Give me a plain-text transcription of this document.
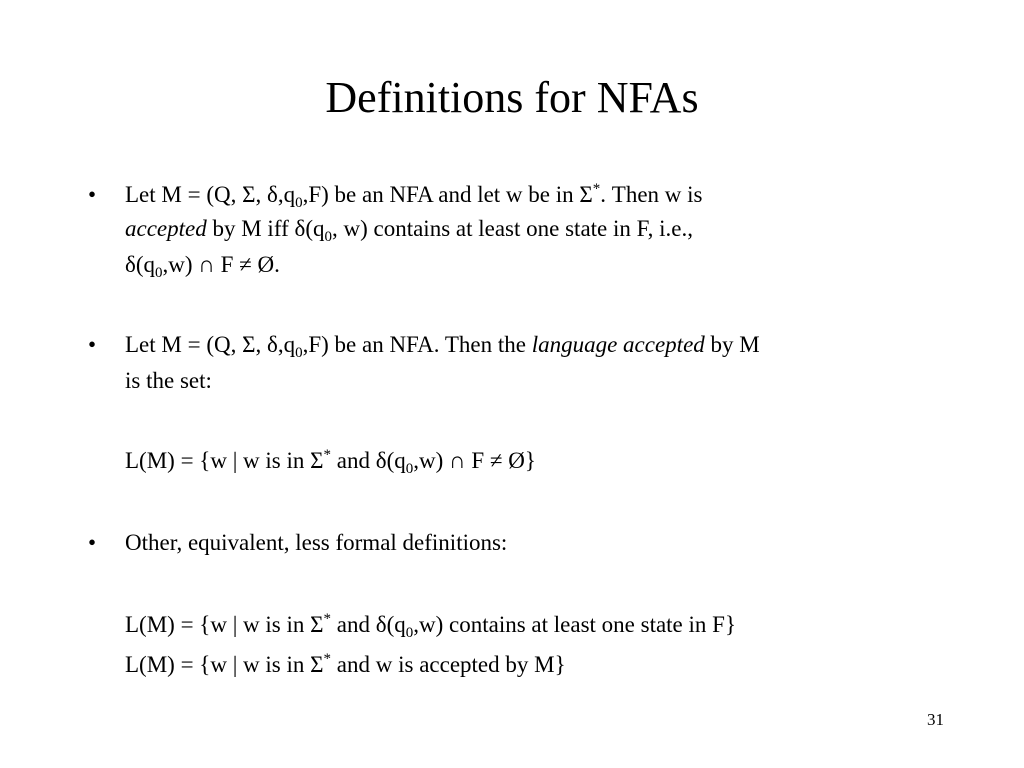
Definitions for NFAs
• Let M = (Q, Σ, $\delta,q_0,F$) be an NFA and let w be in Σ*. Then w is
accepted by M iff $\delta(q_0$, w) contains at least one state in F, i.e.,
$\delta(q_0,w)$ ∩ F ≠ Ø.
• Let M = (Q, Σ, $\delta,q_0,F$) be an NFA. Then the language accepted by M
is the set:
L(M) = {w | w is in Σ* and $\delta(q_0,w)$ ∩ F ≠ Ø}
• Other, equivalent, less formal definitions:
L(M) = {w | w is in Σ* and $\delta(q_0,w)$ contains at least one state in F}
L(M) = {w | w is in Σ* and w is accepted by M}
31
